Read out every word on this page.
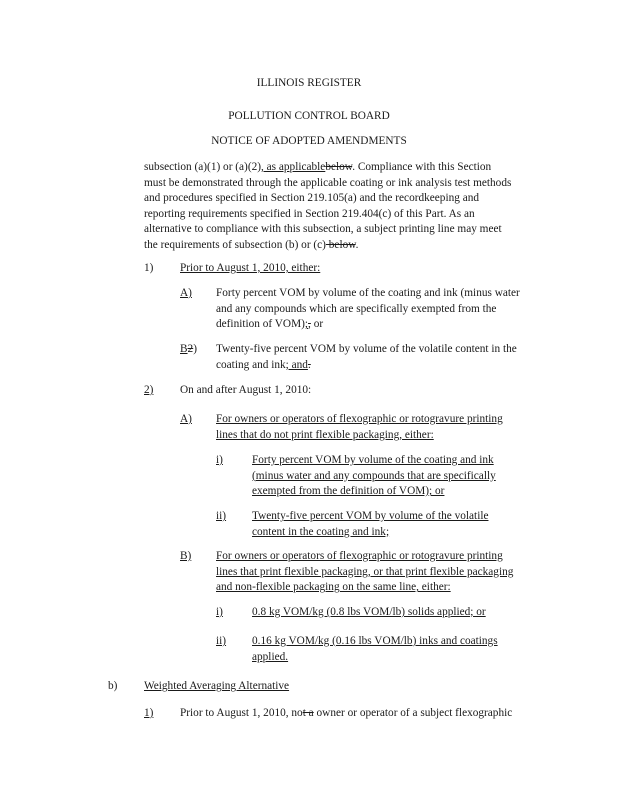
ILLINOIS REGISTER
POLLUTION CONTROL BOARD
NOTICE OF ADOPTED AMENDMENTS

subsection (a)(1) or (a)(2), as applicablebelow. Compliance with this Section

must be demonstrated through the applicable coating or ink analysis test methods

and procedures specified in Section 219.105(a) and the recordkeeping and

reporting requirements specified in Section 219.404(c) of this Part. As an

alternative to compliance with this subsection, a subject printing line may meet

the requirements of subsection (b) or (c) below.

1) Prior to August 1, 2010, either:
A) Forty percent VOM by volume of the coating and ink (minus water

and any compounds which are specifically exempted from the

definition of VOM);, or

B2) Twenty-five percent VOM by volume of the volatile content in the

coating and ink; and.

2) On and after August 1, 2010:
A) For owners or operators of flexographic or rotogravure printing

lines that do not print flexible packaging, either:

i)	Forty percent VOM by volume of the coating and ink

(minus water and any compounds that are specifically

exempted from the definition of VOM); or

ii) Twenty-five percent VOM by volume of the volatile

content in the coating and ink;

B) For owners or operators of flexographic or rotogravure printing

lines that print flexible packaging, or that print flexible packaging

and non-flexible packaging on the same line, either:

i)	0.8 kg VOM/kg (0.8 lbs VOM/lb) solids applied; or
ii) 0.16 kg VOM/kg (0.16 lbs VOM/lb) inks and coatings

applied.

b) Weighted Averaging Alternative
1) Prior to August 1, 2010, not a owner or operator of a subject flexographic
